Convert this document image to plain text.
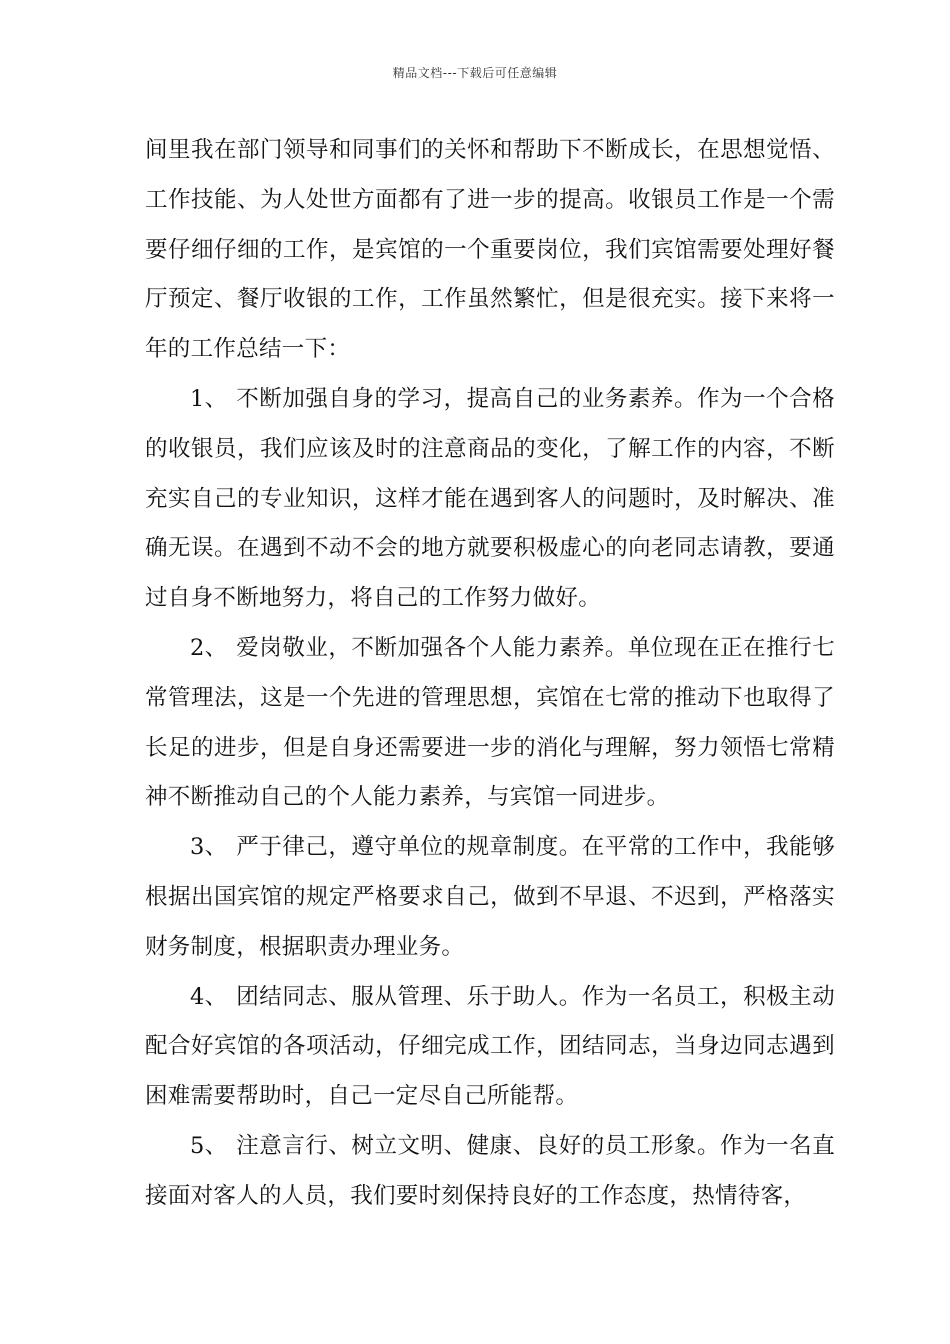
精品文档---下载后可任意编辑

间里我在部门领导和同事们的关怀和帮助下不断成长，在思想觉悟、工作技能、为人处世方面都有了进一步的提高。收银员工作是一个需要仔细仔细的工作，是宾馆的一个重要岗位，我们宾馆需要处理好餐厅预定、餐厅收银的工作，工作虽然繁忙，但是很充实。接下来将一年的工作总结一下：

1、 不断加强自身的学习，提高自己的业务素养。作为一个合格的收银员，我们应该及时的注意商品的变化，了解工作的内容，不断充实自己的专业知识，这样才能在遇到客人的问题时，及时解决、准确无误。在遇到不动不会的地方就要积极虚心的向老同志请教，要通过自身不断地努力，将自己的工作努力做好。

2、 爱岗敬业，不断加强各个人能力素养。单位现在正在推行七常管理法，这是一个先进的管理思想，宾馆在七常的推动下也取得了长足的进步，但是自身还需要进一步的消化与理解，努力领悟七常精神不断推动自己的个人能力素养，与宾馆一同进步。

3、 严于律己，遵守单位的规章制度。在平常的工作中，我能够根据出国宾馆的规定严格要求自己，做到不早退、不迟到，严格落实财务制度，根据职责办理业务。

4、 团结同志、服从管理、乐于助人。作为一名员工，积极主动配合好宾馆的各项活动，仔细完成工作，团结同志，当身边同志遇到困难需要帮助时，自己一定尽自己所能帮。

5、 注意言行、树立文明、健康、良好的员工形象。作为一名直接面对客人的人员，我们要时刻保持良好的工作态度，热情待客，
